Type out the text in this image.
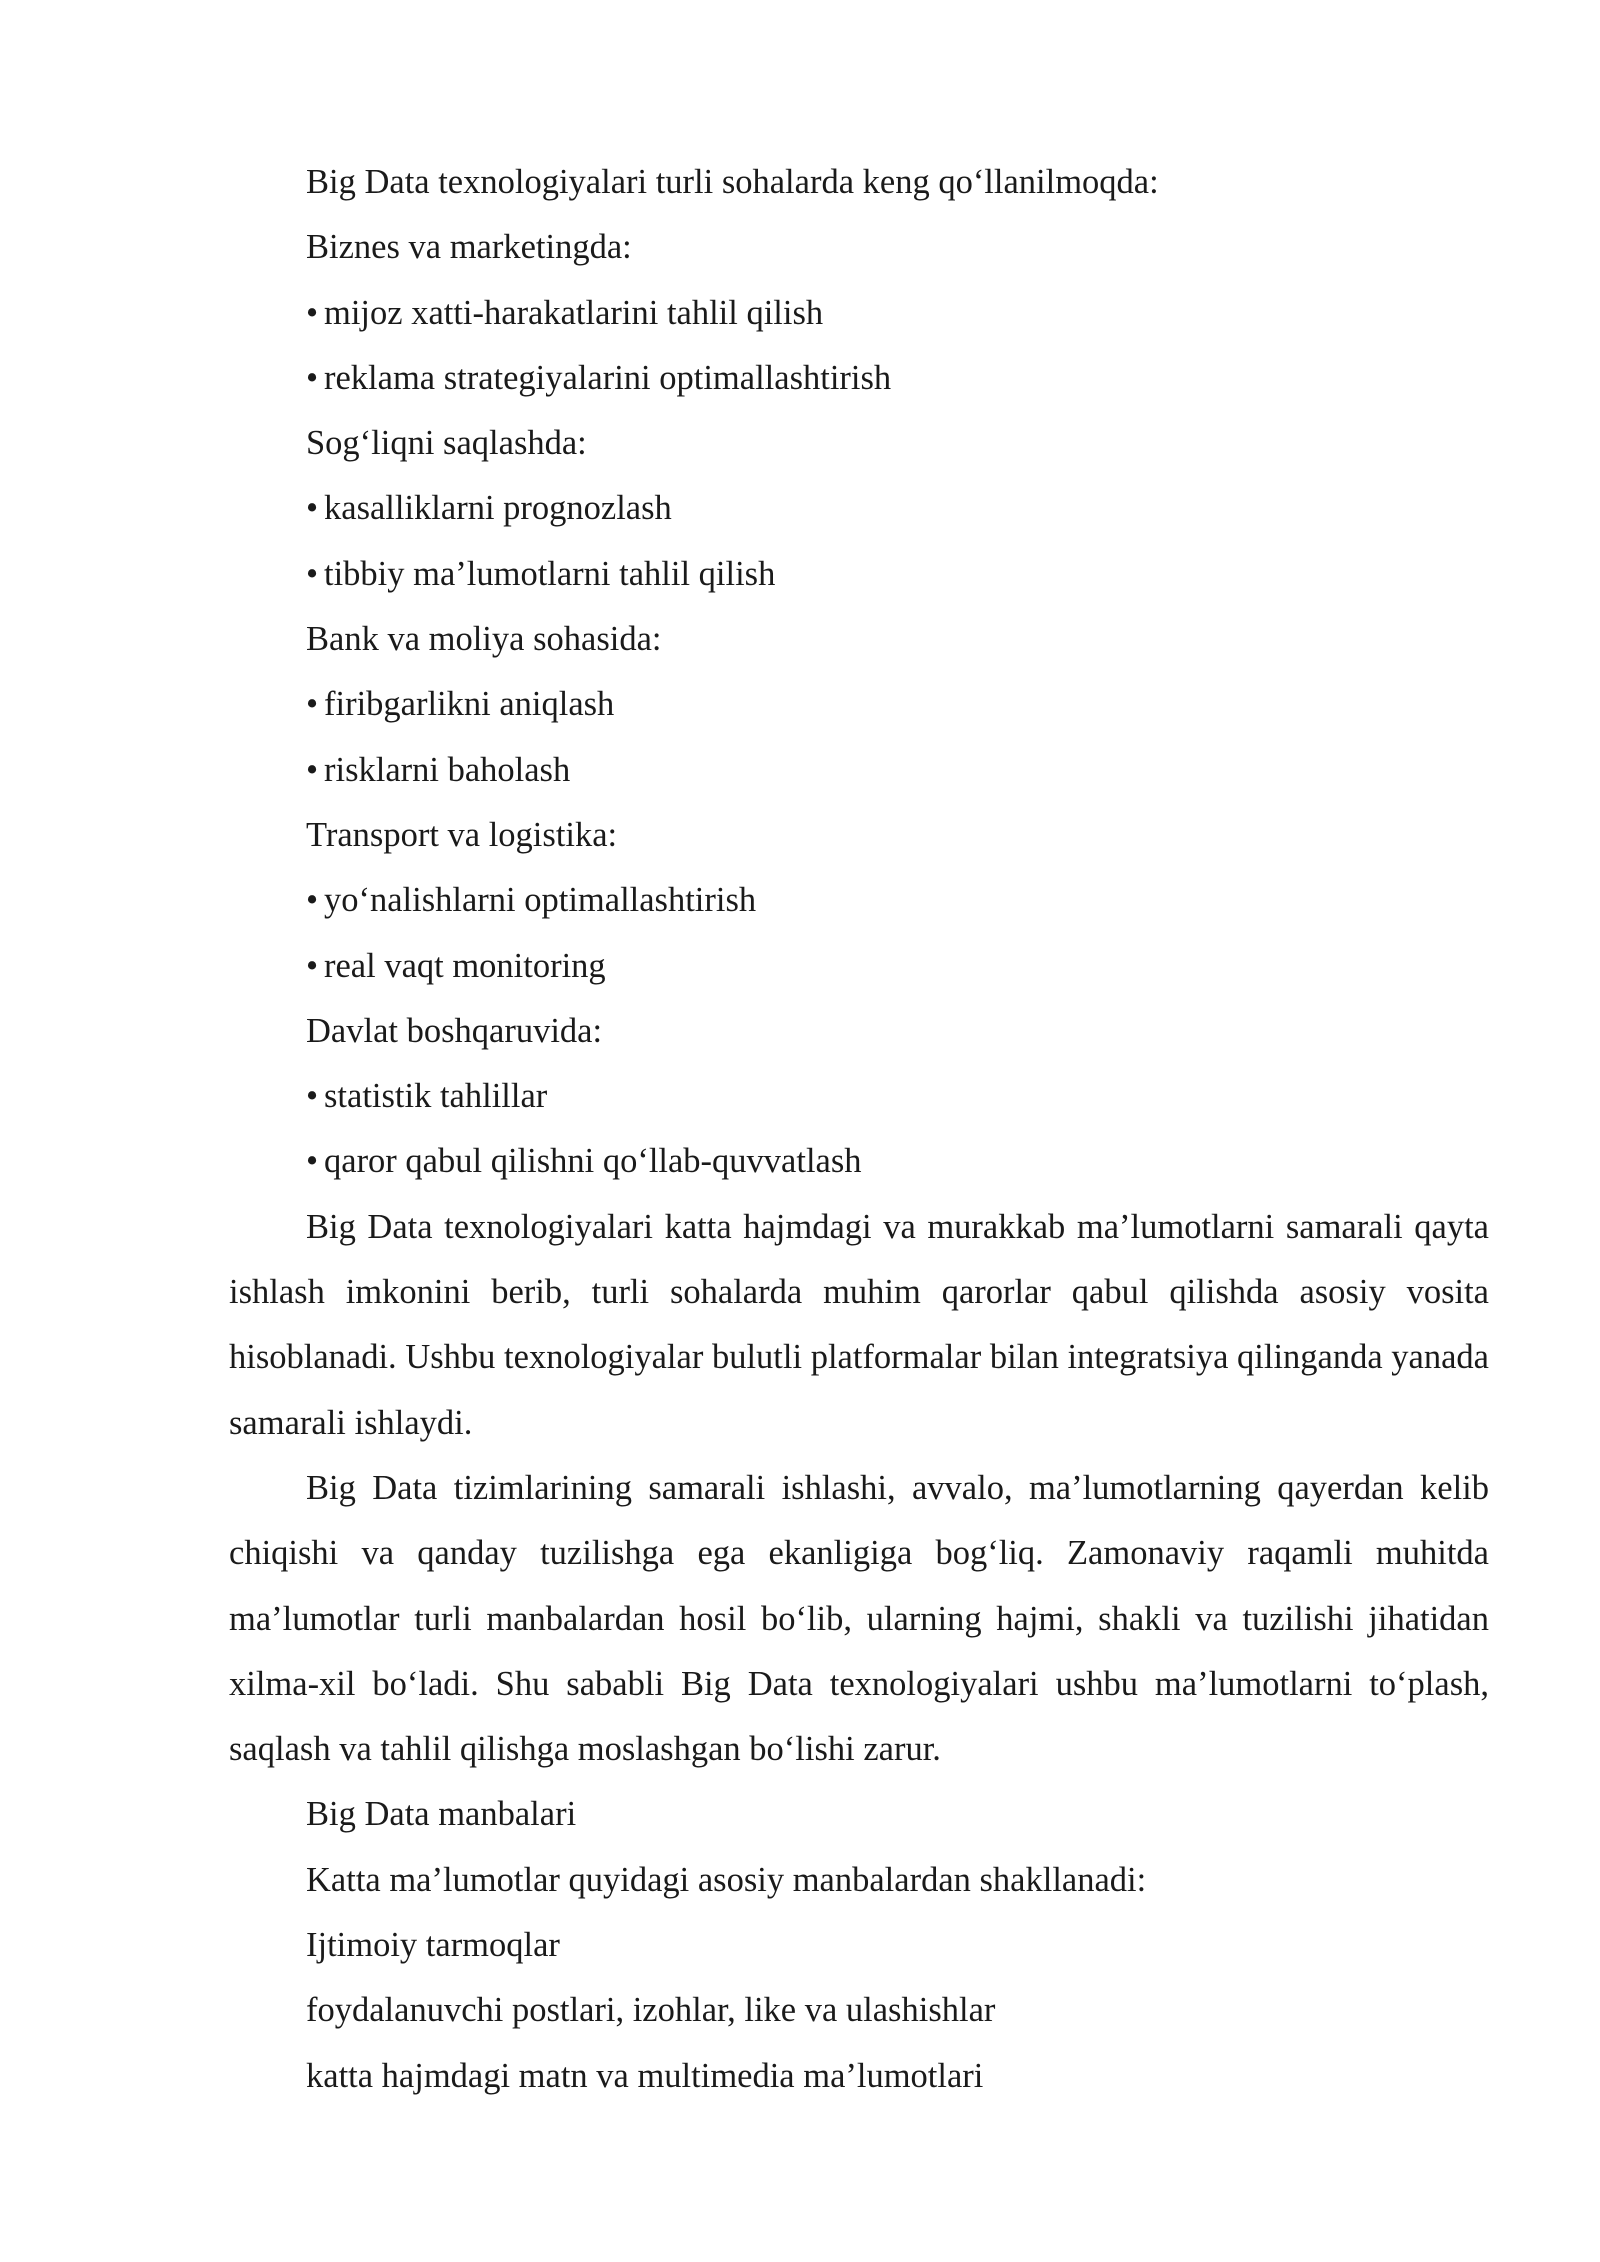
Big Data texnologiyalari turli sohalarda keng qo‘llanilmoqda:
Biznes va marketingda:
• mijoz xatti-harakatlarini tahlil qilish
• reklama strategiyalarini optimallashtirish
Sog‘liqni saqlashda:
• kasalliklarni prognozlash
• tibbiy ma’lumotlarni tahlil qilish
Bank va moliya sohasida:
• firibgarlikni aniqlash
• risklarni baholash
Transport va logistika:
• yo‘nalishlarni optimallashtirish
• real vaqt monitoring
Davlat boshqaruvida:
• statistik tahlillar
• qaror qabul qilishni qo‘llab-quvvatlash

Big Data texnologiyalari katta hajmdagi va murakkab ma’lumotlarni samarali qayta ishlash imkonini berib, turli sohalarda muhim qarorlar qabul qilishda asosiy vosita hisoblanadi. Ushbu texnologiyalar bulutli platformalar bilan integratsiya qilinganda yanada samarali ishlaydi.

Big Data tizimlarining samarali ishlashi, avvalo, ma’lumotlarning qayerdan kelib chiqishi va qanday tuzilishga ega ekanligiga bog‘liq. Zamonaviy raqamli muhitda ma’lumotlar turli manbalardan hosil bo‘lib, ularning hajmi, shakli va tuzilishi jihatidan xilma-xil bo‘ladi. Shu sababli Big Data texnologiyalari ushbu ma’lumotlarni to‘plash, saqlash va tahlil qilishga moslashgan bo‘lishi zarur.

Big Data manbalari
Katta ma’lumotlar quyidagi asosiy manbalardan shakllanadi:
Ijtimoiy tarmoqlar
foydalanuvchi postlari, izohlar, like va ulashishlar
katta hajmdagi matn va multimedia ma’lumotlari
